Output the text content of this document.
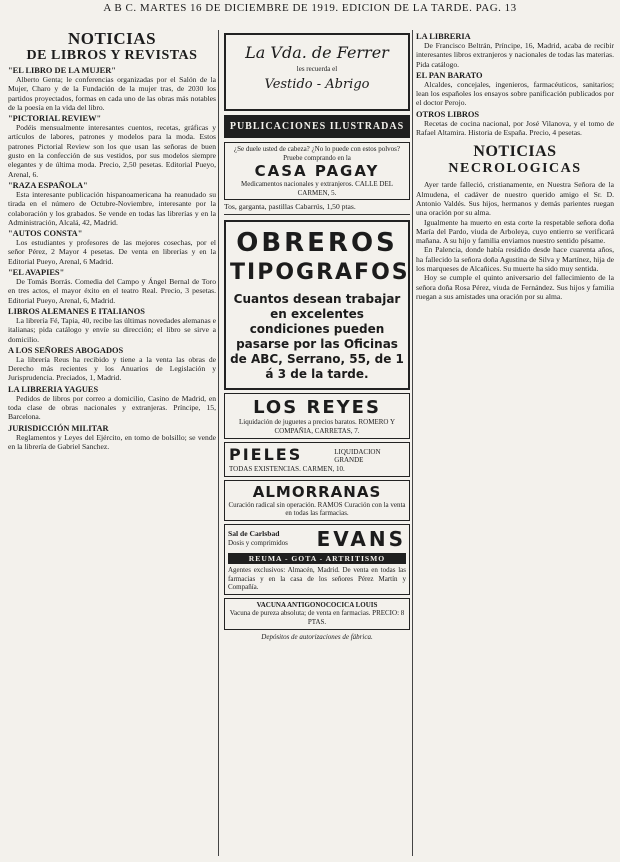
A B C. MARTES 16 DE DICIEMBRE DE 1919. EDICION DE LA TARDE. PAG. 13

NOTICIAS

DE LIBROS Y REVISTAS

"EL LIBRO DE LA MUJER"

Alberto Genta; le conferencias organizadas por el Salón de la Mujer, Charo y de la Fundación de la mujer tras, de 2030 los partidos proyectados, formas en cada uno de las obras más notables de la poesía en la vida del libro.

"PICTORIAL REVIEW"

Podéis mensualmente interesantes cuentos, recetas, gráficas y artículos de labores, patrones y modelos para la moda. Estos patrones Pictorial Review son los que usan las señoras de buen gusto en la confección de sus vestidos, por sus modelos siempre elegantes y de última moda. Precio, 2,50 pesetas. Editorial Pueyo, Arenal, 6.

"RAZA ESPAÑOLA"

Esta interesante publicación hispanoamericana ha reanudado su tirada en el número de Octubre-Noviembre, interesante por la colaboración y los grabados. Se vende en todas las librerías y en la Administración, Alcalá, 42, Madrid.

"AUTOS CONSTA"

Los estudiantes y profesores de las mejores cosechas, por el señor Pérez, 2 Mayor 4 pesetas. De venta en librerías y en la Editorial Pueyo, Arenal, 6 Madrid.

"EL AVAPIES"

De Tomás Borrás. Comedia del Campo y Ángel Bernal de Toro en tres actos, el mayor éxito en el teatro Real. Precio, 3 pesetas. Editorial Pueyo, Arenal, 6, Madrid.

LIBROS ALEMANES E ITALIANOS

La librería Fé, Tapia, 40, recibe las últimas novedades alemanas e italianas; pida catálogo y envíe su dirección; el libro se sirve a domicilio.

A LOS SEÑORES ABOGADOS

La librería Reus ha recibido y tiene a la venta las obras de Derecho más recientes y los Anuarios de Legislación y Jurisprudencia. Preciados, 1, Madrid.

LA LIBRERIA YAGUES

Pedidos de libros por correo a domicilio, Casino de Madrid, en toda clase de obras nacionales y extranjeras. Príncipe, 15, Barcelona.

JURISDICCIÓN MILITAR

Reglamentos y Leyes del Ejército, en tomo de bolsillo; se vende en la librería de Gabriel Sanchez.

La Vda. de Ferrer
les recuerda el
Vestido - Abrigo
PUBLICACIONES ILUSTRADAS

¿Se duele usted de cabeza? ¿No lo puede con estos polvos? Pruebe comprando en la

CASA PAGAY

Medicamentos nacionales y extranjeros. CALLE DEL CARMEN, 5.

Tos, garganta, pastillas Cabarrús, 1,50 ptas.

OBREROS

TIPOGRAFOS

Cuantos desean trabajar en excelentes condiciones pueden pasarse por las Oficinas de ABC, Serrano, 55, de 1 á 3 de la tarde.

LOS REYES

Liquidación de juguetes a precios baratos. ROMERO Y COMPAÑIA, CARRETAS, 7.

PIELES	LIQUIDACION GRANDE

TODAS EXISTENCIAS. CARMEN, 10.

ALMORRANAS

Curación radical sin operación. RAMOS Curación con la venta en todas las farmacias.

Sal de Carlsbad
Dosis y comprimidos EVANS
REUMA - GOTA - ARTRITISMO

Agentes exclusivos: Almacén, Madrid. De venta en todas las farmacias y en la casa de los señores Pérez Martín y Compañía.

VACUNA ANTIGONOCOCICA LOUIS

Vacuna de pureza absoluta; de venta en farmacias. PRECIO: 8 PTAS.

Depósitos de autorizaciones de fábrica.

LA LIBRERIA

De Francisco Beltrán, Príncipe, 16, Madrid, acaba de recibir interesantes libros extranjeros y nacionales de todas las materias. Pida catálogo.

EL PAN BARATO

Alcaldes, concejales, ingenieros, farmacéuticos, sanitarios; lean los españoles los ensayos sobre panificación publicados por el doctor Perojo.

OTROS LIBROS

Recetas de cocina nacional, por José Vilanova, y el tomo de Rafael Altamira. Historia de España. Precio, 4 pesetas.

NOTICIAS

NECROLOGICAS

Ayer tarde falleció, cristianamente, en Nuestra Señora de la Almudena, el cadáver de nuestro querido amigo el Sr. D. Antonio Valdés. Sus hijos, hermanos y demás parientes ruegan una oración por su alma.

Igualmente ha muerto en esta corte la respetable señora doña María del Pardo, viuda de Arboleya, cuyo entierro se verificará mañana. A su hijo y familia enviamos nuestro sentido pésame.

En Palencia, donde había residido desde hace cuarenta años, ha fallecido la señora doña Agustina de Silva y Martínez, hija de los marqueses de Alcañices. Su muerte ha sido muy sentida.

Hoy se cumple el quinto aniversario del fallecimiento de la señora doña Rosa Pérez, viuda de Fernández. Sus hijos y familia ruegan a sus amistades una oración por su alma.
